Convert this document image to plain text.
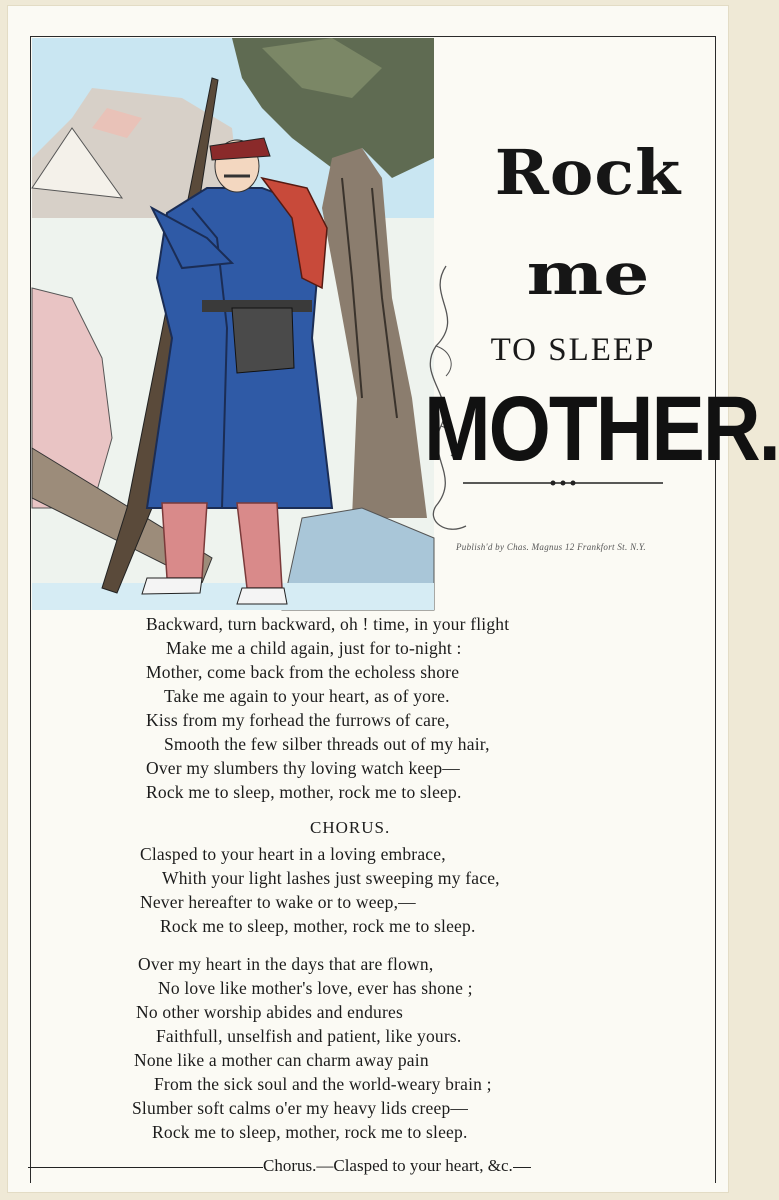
Rock
me
TO SLEEP
MOTHER.
Publish'd by Chas. Magnus 12 Frankfort St. N.Y.
Backward, turn backward, oh ! time, in your flight
Make me a child again, just for to-night :
Mother, come back from the echoless shore
Take me again to your heart, as of yore.
Kiss from my forhead the furrows of care,
Smooth the few silber threads out of my hair,
Over my slumbers thy loving watch keep—
Rock me to sleep, mother, rock me to sleep.
CHORUS.
Clasped to your heart in a loving embrace,
Whith your light lashes just sweeping my face,
Never hereafter to wake or to weep,—
Rock me to sleep, mother, rock me to sleep.
Over my heart in the days that are flown,
No love like mother's love, ever has shone ;
No other worship abides and endures
Faithfull, unselfish and patient, like yours.
None like a mother can charm away pain
From the sick soul and the world-weary brain ;
Slumber soft calms o'er my heavy lids creep—
Rock me to sleep, mother, rock me to sleep.
Chorus.—Clasped to your heart, &c.
